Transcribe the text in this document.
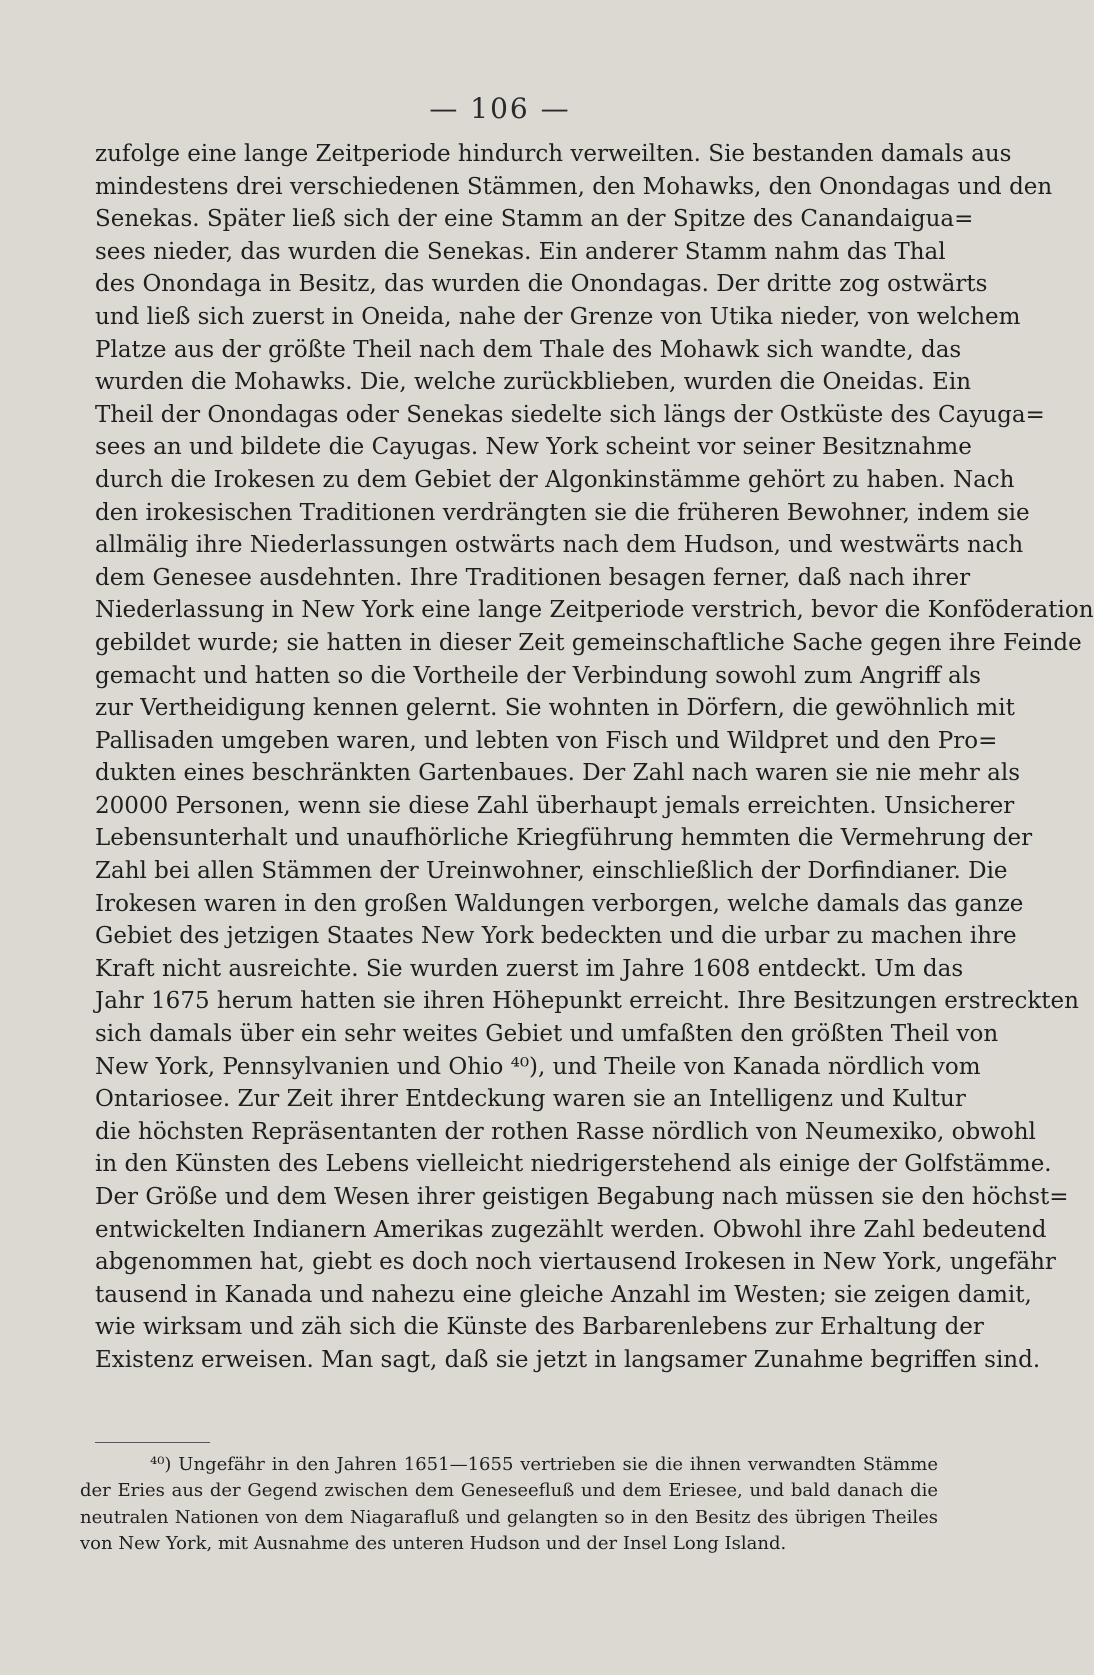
— 106 —
zufolge eine lange Zeitperiode hindurch verweilten. Sie bestanden damals aus
mindestens drei verschiedenen Stämmen, den Mohawks, den Onondagas und den
Senekas. Später ließ sich der eine Stamm an der Spitze des Canandaigua=
sees nieder, das wurden die Senekas. Ein anderer Stamm nahm das Thal
des Onondaga in Besitz, das wurden die Onondagas. Der dritte zog ostwärts
und ließ sich zuerst in Oneida, nahe der Grenze von Utika nieder, von welchem
Platze aus der größte Theil nach dem Thale des Mohawk sich wandte, das
wurden die Mohawks. Die, welche zurückblieben, wurden die Oneidas. Ein
Theil der Onondagas oder Senekas siedelte sich längs der Ostküste des Cayuga=
sees an und bildete die Cayugas. New York scheint vor seiner Besitznahme
durch die Irokesen zu dem Gebiet der Algonkinstämme gehört zu haben. Nach
den irokesischen Traditionen verdrängten sie die früheren Bewohner, indem sie
allmälig ihre Niederlassungen ostwärts nach dem Hudson, und westwärts nach
dem Genesee ausdehnten. Ihre Traditionen besagen ferner, daß nach ihrer
Niederlassung in New York eine lange Zeitperiode verstrich, bevor die Konföderation
gebildet wurde; sie hatten in dieser Zeit gemeinschaftliche Sache gegen ihre Feinde
gemacht und hatten so die Vortheile der Verbindung sowohl zum Angriff als
zur Vertheidigung kennen gelernt. Sie wohnten in Dörfern, die gewöhnlich mit
Pallisaden umgeben waren, und lebten von Fisch und Wildpret und den Pro=
dukten eines beschränkten Gartenbaues. Der Zahl nach waren sie nie mehr als
20000 Personen, wenn sie diese Zahl überhaupt jemals erreichten. Unsicherer
Lebensunterhalt und unaufhörliche Kriegführung hemmten die Vermehrung der
Zahl bei allen Stämmen der Ureinwohner, einschließlich der Dorfindianer. Die
Irokesen waren in den großen Waldungen verborgen, welche damals das ganze
Gebiet des jetzigen Staates New York bedeckten und die urbar zu machen ihre
Kraft nicht ausreichte. Sie wurden zuerst im Jahre 1608 entdeckt. Um das
Jahr 1675 herum hatten sie ihren Höhepunkt erreicht. Ihre Besitzungen erstreckten
sich damals über ein sehr weites Gebiet und umfaßten den größten Theil von
New York, Pennsylvanien und Ohio ⁴⁰), und Theile von Kanada nördlich vom
Ontariosee. Zur Zeit ihrer Entdeckung waren sie an Intelligenz und Kultur
die höchsten Repräsentanten der rothen Rasse nördlich von Neumexiko, obwohl
in den Künsten des Lebens vielleicht niedrigerstehend als einige der Golfstämme.
Der Größe und dem Wesen ihrer geistigen Begabung nach müssen sie den höchst=
entwickelten Indianern Amerikas zugezählt werden. Obwohl ihre Zahl bedeutend
abgenommen hat, giebt es doch noch viertausend Irokesen in New York, ungefähr
tausend in Kanada und nahezu eine gleiche Anzahl im Westen; sie zeigen damit,
wie wirksam und zäh sich die Künste des Barbarenlebens zur Erhaltung der
Existenz erweisen. Man sagt, daß sie jetzt in langsamer Zunahme begriffen sind.
⁴⁰) Ungefähr in den Jahren 1651—1655 vertrieben sie die ihnen verwandten Stämme
der Eries aus der Gegend zwischen dem Geneseefluß und dem Eriesee, und bald danach die
neutralen Nationen von dem Niagarafluß und gelangten so in den Besitz des übrigen Theiles
von New York, mit Ausnahme des unteren Hudson und der Insel Long Island.
